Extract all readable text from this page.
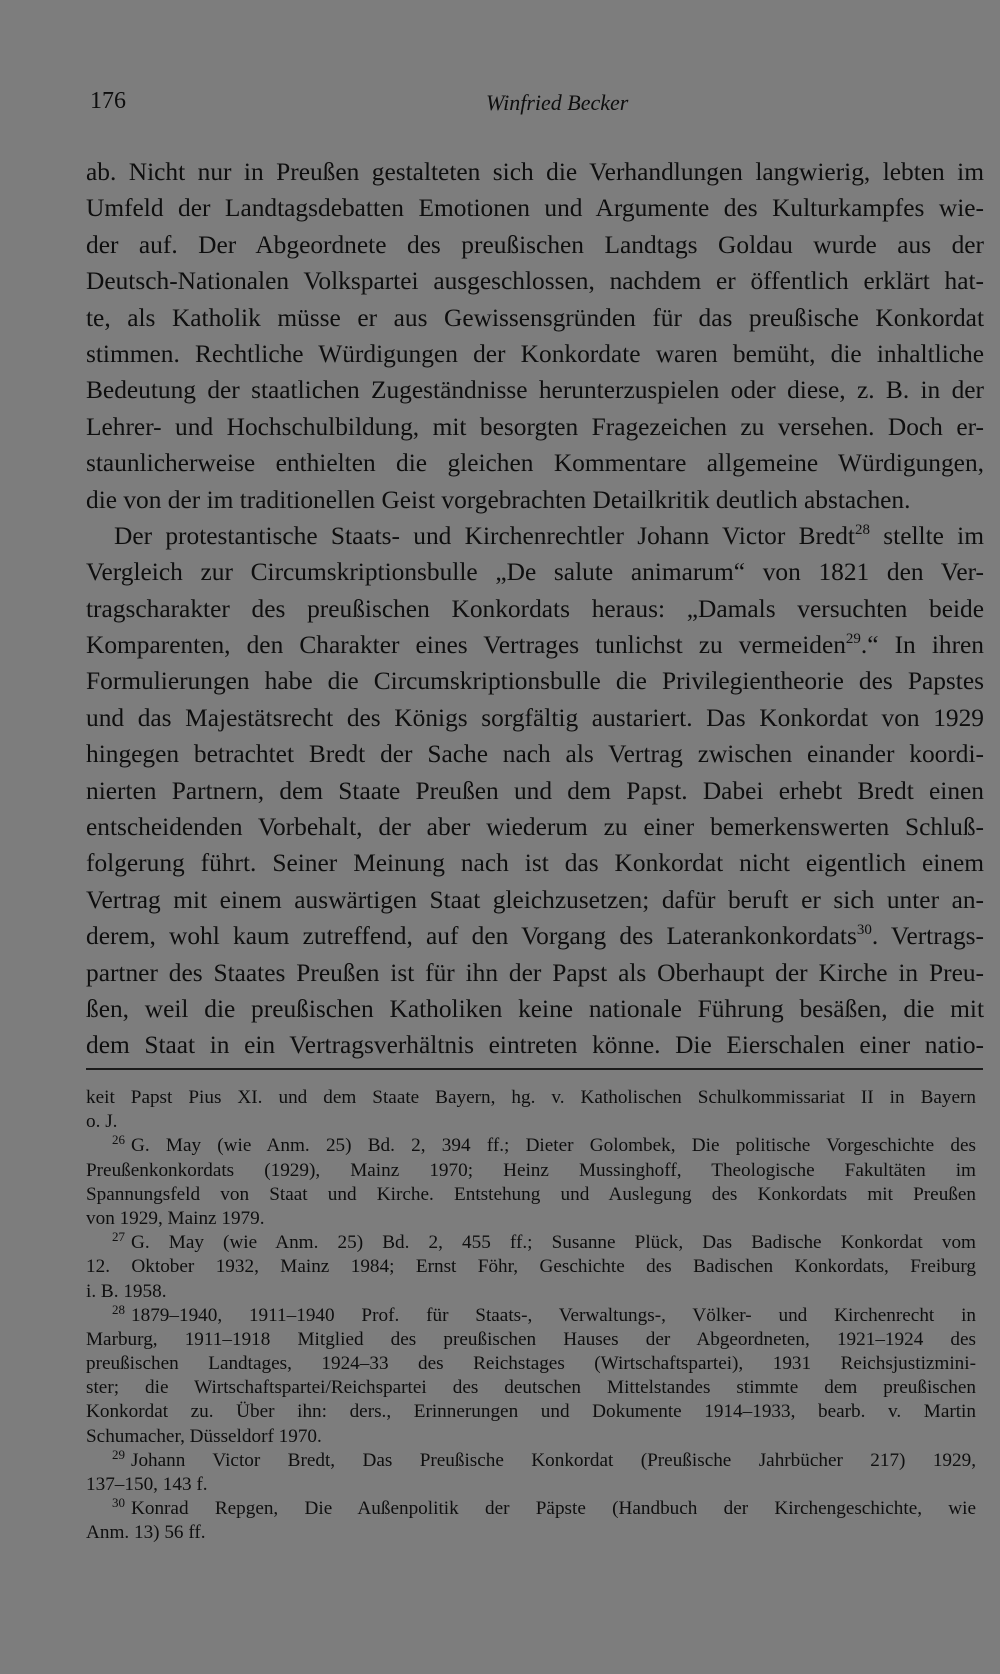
176	Winfried Becker
ab. Nicht nur in Preußen gestalteten sich die Verhandlungen langwierig, lebten im
Umfeld der Landtagsdebatten Emotionen und Argumente des Kulturkampfes wie-
der auf. Der Abgeordnete des preußischen Landtags Goldau wurde aus der
Deutsch-Nationalen Volkspartei ausgeschlossen, nachdem er öffentlich erklärt hat-
te, als Katholik müsse er aus Gewissensgründen für das preußische Konkordat
stimmen. Rechtliche Würdigungen der Konkordate waren bemüht, die inhaltliche
Bedeutung der staatlichen Zugeständnisse herunterzuspielen oder diese, z. B. in der
Lehrer- und Hochschulbildung, mit besorgten Fragezeichen zu versehen. Doch er-
staunlicherweise enthielten die gleichen Kommentare allgemeine Würdigungen,
die von der im traditionellen Geist vorgebrachten Detailkritik deutlich abstachen.
Der protestantische Staats- und Kirchenrechtler Johann Victor Bredt$^{28}$ stellte im
Vergleich zur Circumskriptionsbulle „De salute animarum“ von 1821 den Ver-
tragscharakter des preußischen Konkordats heraus: „Damals versuchten beide
Komparenten, den Charakter eines Vertrages tunlichst zu vermeiden$^{29}$.“ In ihren
Formulierungen habe die Circumskriptionsbulle die Privilegientheorie des Papstes
und das Majestätsrecht des Königs sorgfältig austariert. Das Konkordat von 1929
hingegen betrachtet Bredt der Sache nach als Vertrag zwischen einander koordi-
nierten Partnern, dem Staate Preußen und dem Papst. Dabei erhebt Bredt einen
entscheidenden Vorbehalt, der aber wiederum zu einer bemerkenswerten Schluß-
folgerung führt. Seiner Meinung nach ist das Konkordat nicht eigentlich einem
Vertrag mit einem auswärtigen Staat gleichzusetzen; dafür beruft er sich unter an-
derem, wohl kaum zutreffend, auf den Vorgang des Laterankonkordats$^{30}$. Vertrags-
partner des Staates Preußen ist für ihn der Papst als Oberhaupt der Kirche in Preu-
ßen, weil die preußischen Katholiken keine nationale Führung besäßen, die mit
dem Staat in ein Vertragsverhältnis eintreten könne. Die Eierschalen einer natio-
keit Papst Pius XI. und dem Staate Bayern, hg. v. Katholischen Schulkommissariat II in Bayern
o. J.
$^{26}$ G. May (wie Anm. 25) Bd. 2, 394 ff.; Dieter Golombek, Die politische Vorgeschichte des
Preußenkonkordats (1929), Mainz 1970; Heinz Mussinghoff, Theologische Fakultäten im
Spannungsfeld von Staat und Kirche. Entstehung und Auslegung des Konkordats mit Preußen
von 1929, Mainz 1979.
$^{27}$ G. May (wie Anm. 25) Bd. 2, 455 ff.; Susanne Plück, Das Badische Konkordat vom
12. Oktober 1932, Mainz 1984; Ernst Föhr, Geschichte des Badischen Konkordats, Freiburg
i. B. 1958.
$^{28}$ 1879–1940, 1911–1940 Prof. für Staats-, Verwaltungs-, Völker- und Kirchenrecht in
Marburg, 1911–1918 Mitglied des preußischen Hauses der Abgeordneten, 1921–1924 des
preußischen Landtages, 1924–33 des Reichstages (Wirtschaftspartei), 1931 Reichsjustizmini-
ster; die Wirtschaftspartei/Reichspartei des deutschen Mittelstandes stimmte dem preußischen
Konkordat zu. Über ihn: ders., Erinnerungen und Dokumente 1914–1933, bearb. v. Martin
Schumacher, Düsseldorf 1970.
$^{29}$ Johann Victor Bredt, Das Preußische Konkordat (Preußische Jahrbücher 217) 1929,
137–150, 143 f.
$^{30}$ Konrad Repgen, Die Außenpolitik der Päpste (Handbuch der Kirchengeschichte, wie
Anm. 13) 56 ff.
